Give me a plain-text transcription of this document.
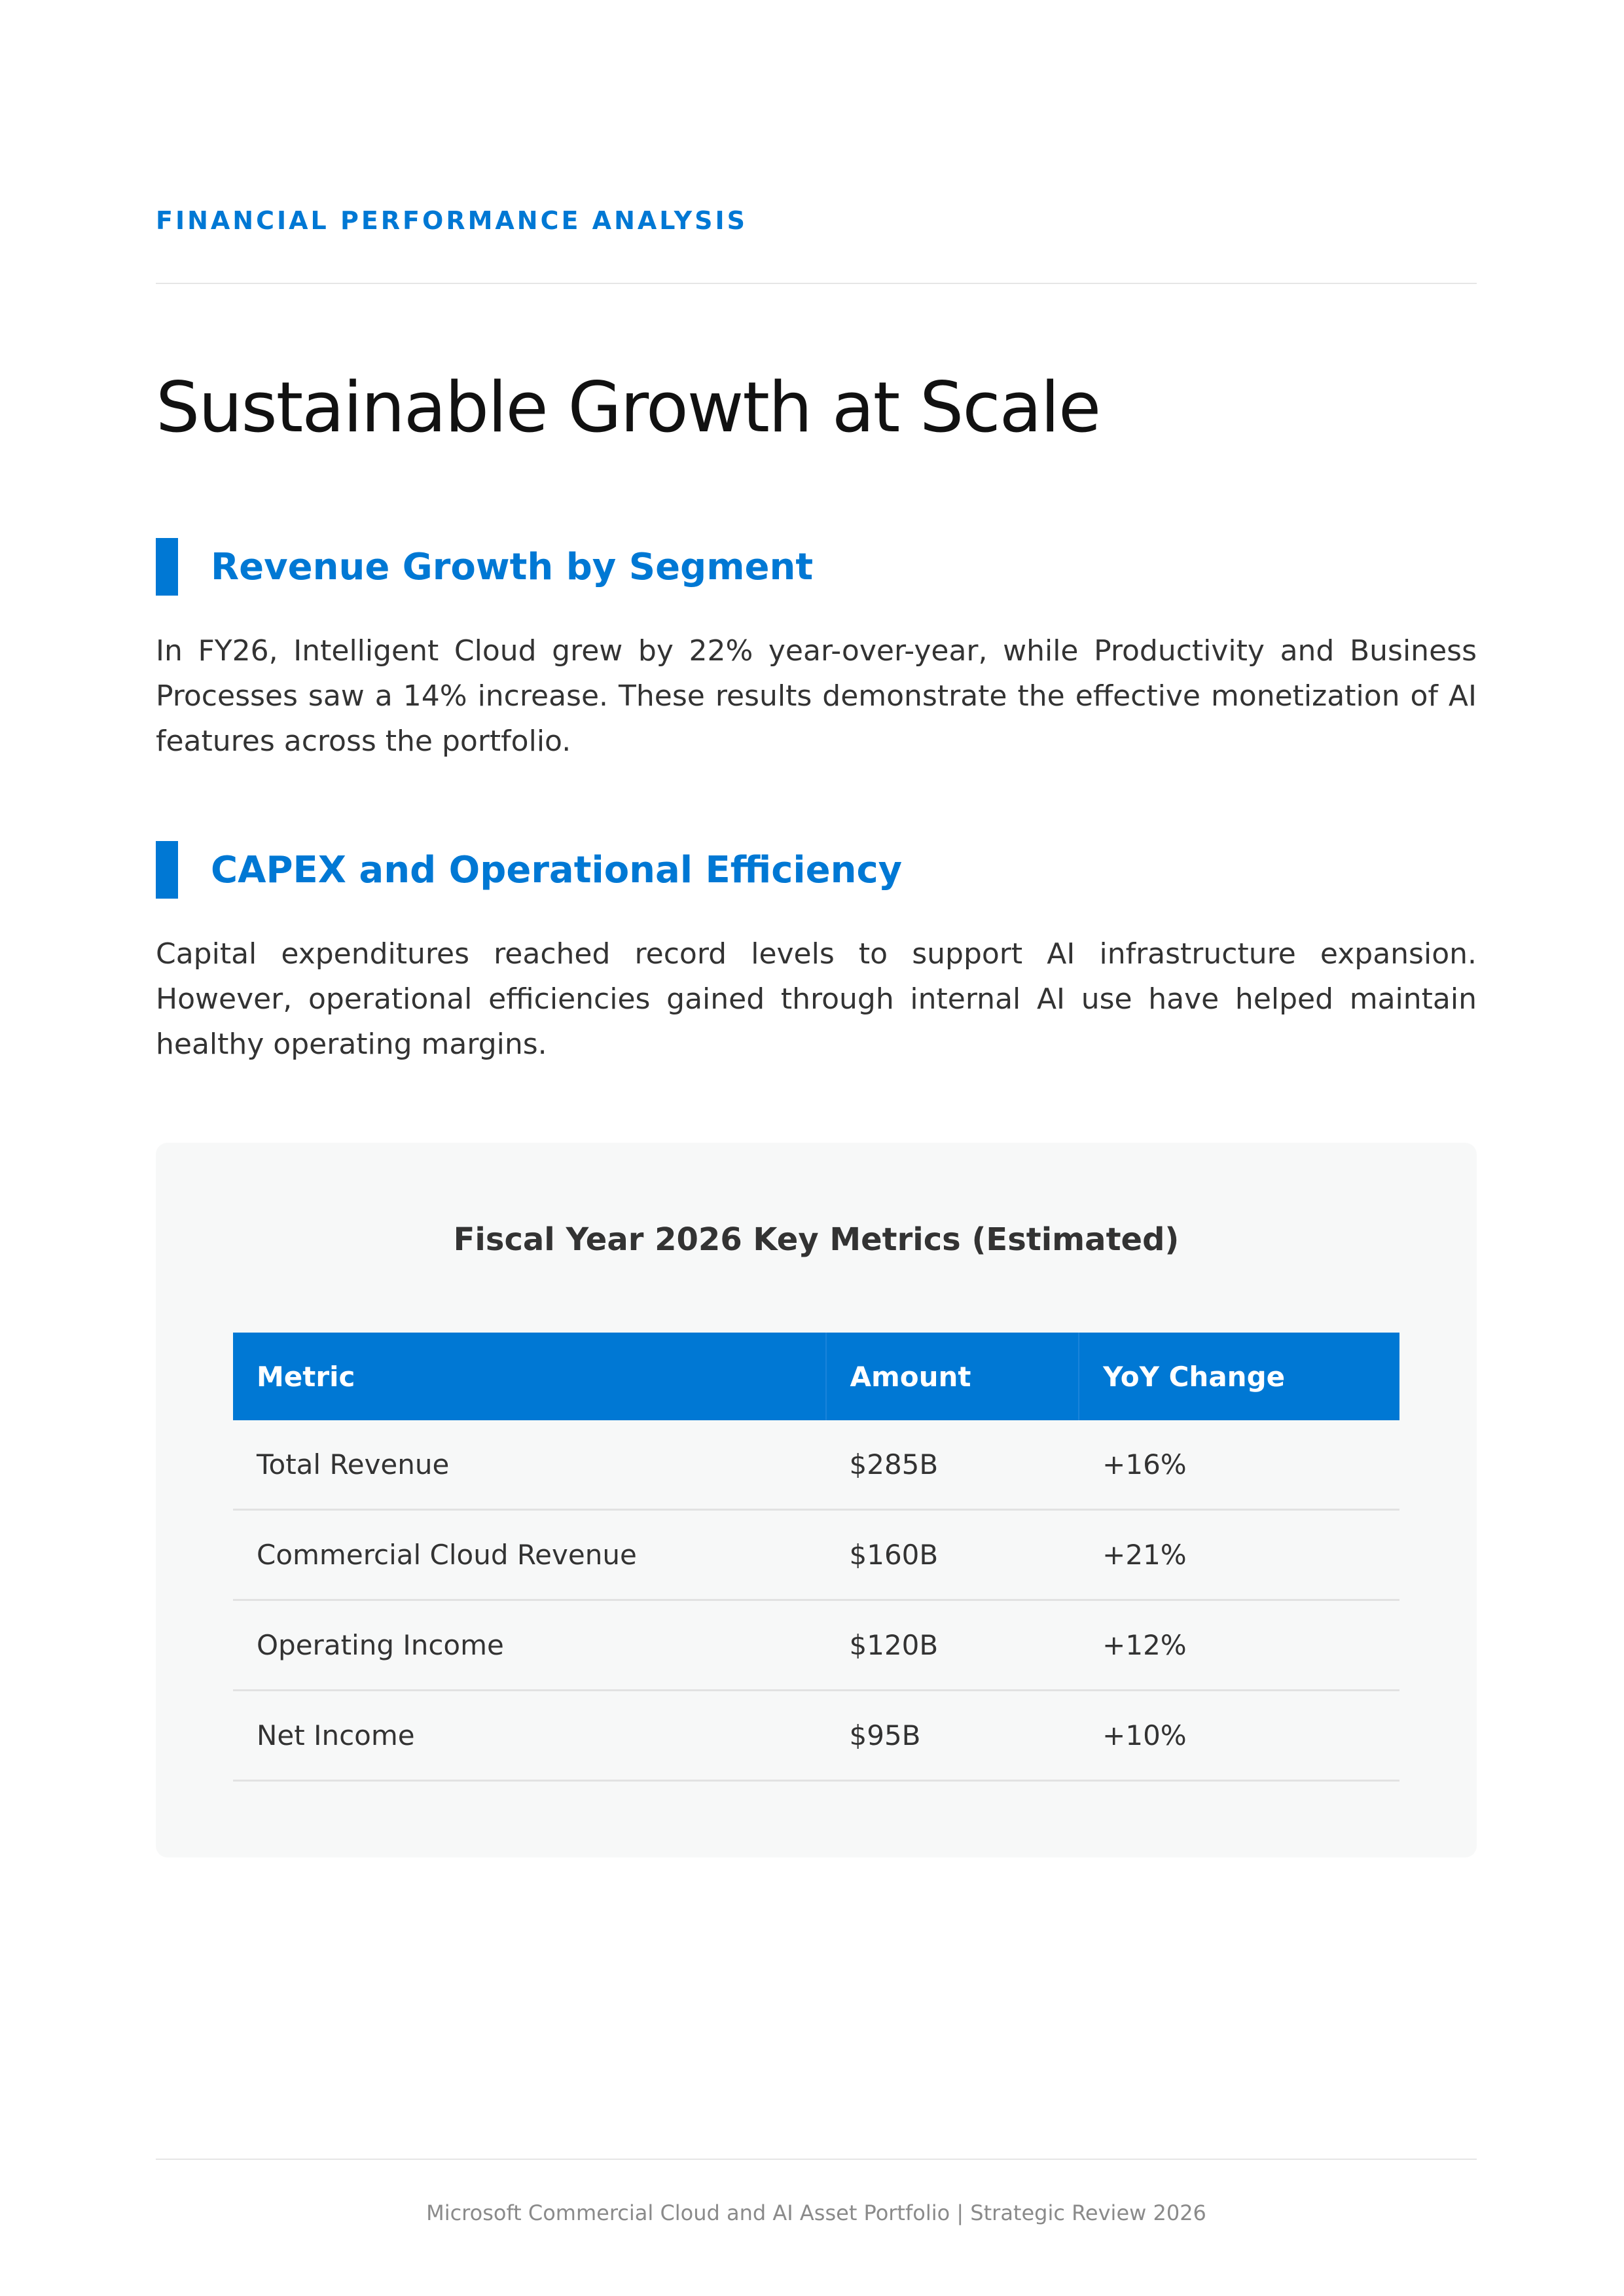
FINANCIAL PERFORMANCE ANALYSIS
Sustainable Growth at Scale
Revenue Growth by Segment

In FY26, Intelligent Cloud grew by 22% year-over-year, while Productivity and Business Processes saw a 14% increase. These results demonstrate the effective monetization of AI features across the portfolio.

CAPEX and Operational Efficiency

Capital expenditures reached record levels to support AI infrastructure expansion. However, operational efficiencies gained through internal AI use have helped maintain healthy operating margins.

Fiscal Year 2026 Key Metrics (Estimated)
Metric	Amount	YoY Change
Total Revenue	$285B	+16%
Commercial Cloud Revenue	$160B	+21%
Operating Income	$120B	+12%
Net Income	$95B	+10%
Microsoft Commercial Cloud and AI Asset Portfolio | Strategic Review 2026
